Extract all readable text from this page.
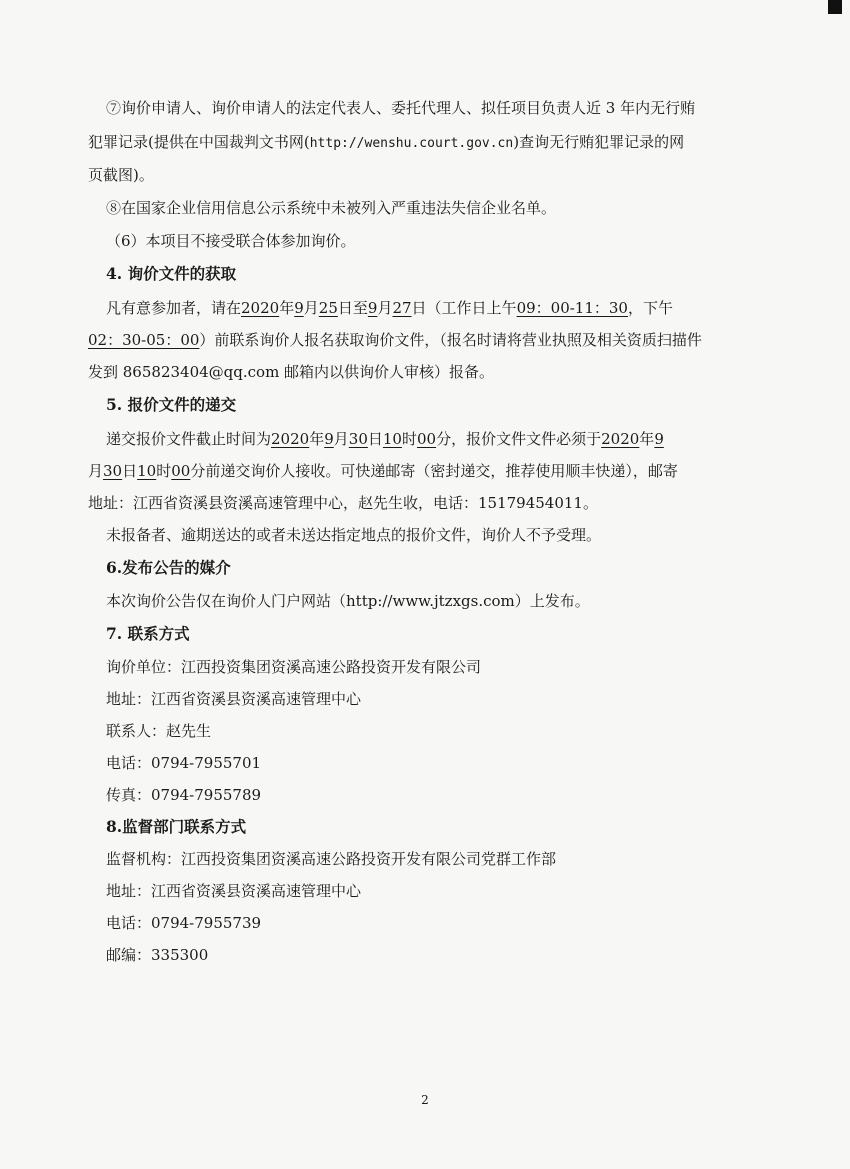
⑦询价申请人、询价申请人的法定代表人、委托代理人、拟任项目负责人近 3 年内无行贿
犯罪记录(提供在中国裁判文书网(http://wenshu.court.gov.cn)查询无行贿犯罪记录的网
页截图)。
⑧在国家企业信用信息公示系统中未被列入严重违法失信企业名单。
（6）本项目不接受联合体参加询价。
4. 询价文件的获取
凡有意参加者，请在2020年9月25日至9月27日（工作日上午09：00-11：30，下午
02：30-05：00）前联系询价人报名获取询价文件，（报名时请将营业执照及相关资质扫描件
发到 865823404@qq.com 邮箱内以供询价人审核）报备。
5. 报价文件的递交
递交报价文件截止时间为2020年9月30日10时00分，报价文件文件必须于2020年9
月30日10时00分前递交询价人接收。可快递邮寄（密封递交，推荐使用顺丰快递），邮寄
地址：江西省资溪县资溪高速管理中心，赵先生收，电话：15179454011。
未报备者、逾期送达的或者未送达指定地点的报价文件，询价人不予受理。
6.发布公告的媒介
本次询价公告仅在询价人门户网站（http://www.jtzxgs.com）上发布。
7. 联系方式
询价单位：江西投资集团资溪高速公路投资开发有限公司
地址：江西省资溪县资溪高速管理中心
联系人：赵先生
电话：0794-7955701
传真：0794-7955789
8.监督部门联系方式
监督机构：江西投资集团资溪高速公路投资开发有限公司党群工作部
地址：江西省资溪县资溪高速管理中心
电话：0794-7955739
邮编：335300
2
